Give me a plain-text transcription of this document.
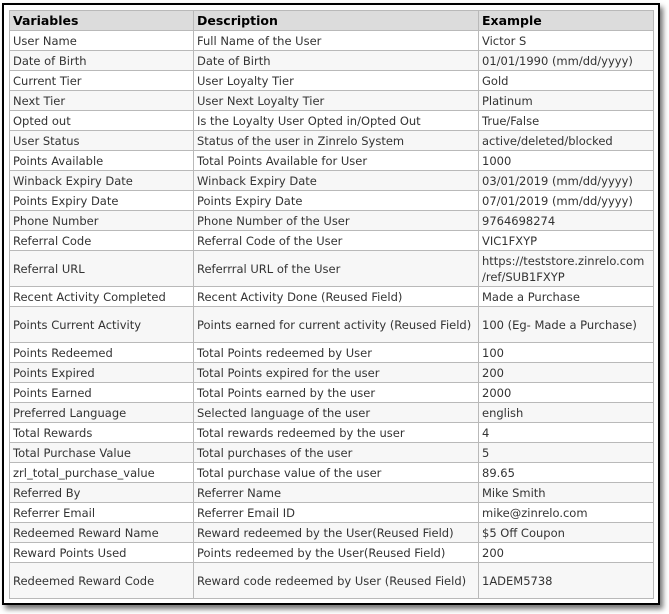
Variables	Description	Example
User Name	Full Name of the User	Victor S
Date of Birth	Date of Birth	01/01/1990 (mm/dd/yyyy)
Current Tier	User Loyalty Tier	Gold
Next Tier	User Next Loyalty Tier	Platinum
Opted out	Is the Loyalty User Opted in/Opted Out	True/False
User Status	Status of the user in Zinrelo System	active/deleted/blocked
Points Available	Total Points Available for User	1000
Winback Expiry Date	Winback Expiry Date	03/01/2019 (mm/dd/yyyy)
Points Expiry Date	Points Expiry Date	07/01/2019 (mm/dd/yyyy)
Phone Number	Phone Number of the User	9764698274
Referral Code	Referral Code of the User	VIC1FXYP
Referral URL	Referrral URL of the User	https://teststore.zinrelo.com
/ref/SUB1FXYP
Recent Activity Completed	Recent Activity Done (Reused Field)	Made a Purchase
Points Current Activity	Points earned for current activity (Reused Field)	100 (Eg- Made a Purchase)
Points Redeemed	Total Points redeemed by User	100
Points Expired	Total Points expired for the user	200
Points Earned	Total Points earned by the user	2000
Preferred Language	Selected language of the user	english
Total Rewards	Total rewards redeemed by the user	4
Total Purchase Value	Total purchases of the user	5
zrl_total_purchase_value	Total purchase value of the user	89.65
Referred By	Referrer Name	Mike Smith
Referrer Email	Referrer Email ID	mike@zinrelo.com
Redeemed Reward Name	Reward redeemed by the User(Reused Field)	$5 Off Coupon
Reward Points Used	Points redeemed by the User(Reused Field)	200
Redeemed Reward Code	Reward code redeemed by User (Reused Field)	1ADEM5738
